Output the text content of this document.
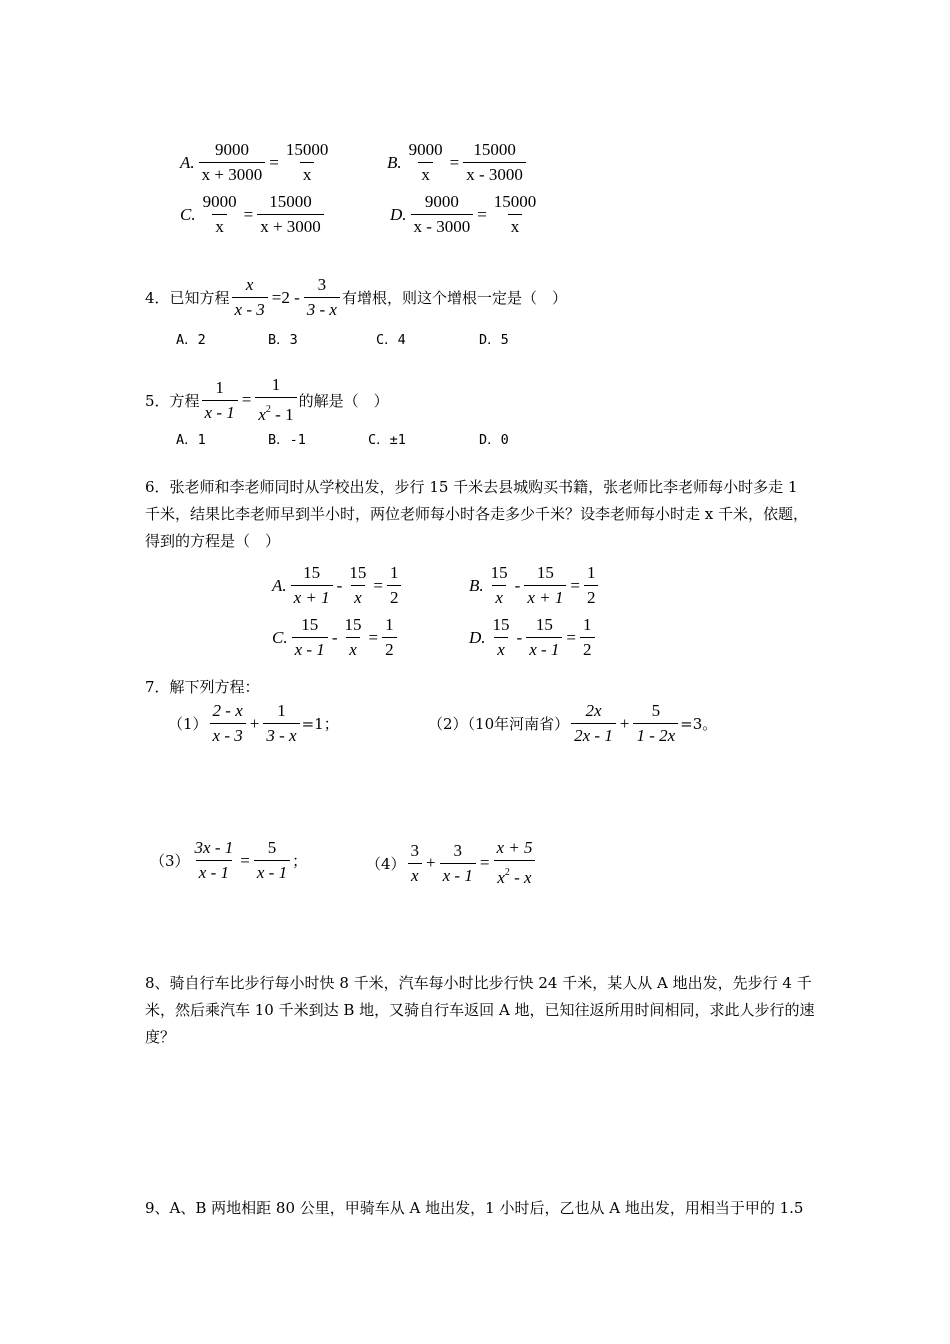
A. $\frac{9000}{x + 3000} = \frac{15000}{x}$	B. $\frac{9000}{x} = \frac{15000}{x - 3000}$
C. $\frac{9000}{x} = \frac{15000}{x + 3000}$	D. $\frac{9000}{x - 3000} = \frac{15000}{x}$
4．已知方程 $\frac{x}{x - 3} =2 - \frac{3}{3 - x}$ 有增根，则这个增根一定是（　）
A．2	B．3	C．4	D．5
5．方程 $\frac{1}{x - 1} = \frac{1}{x^2 - 1}$ 的解是（　）
A．1	B．-1	C．±1	D．0
6．张老师和李老师同时从学校出发，步行 15 千米去县城购买书籍，张老师比李老师每小时多走 1 千米，结果比李老师早到半小时，两位老师每小时各走多少千米？设李老师每小时走 x 千米，依题，得到的方程是（　）
A. $\frac{15}{x + 1} - \frac{15}{x} = \frac{1}{2}$	B. $\frac{15}{x} - \frac{15}{x + 1} = \frac{1}{2}$
C. $\frac{15}{x - 1} - \frac{15}{x} = \frac{1}{2}$	D. $\frac{15}{x} - \frac{15}{x - 1} = \frac{1}{2}$
7．解下列方程：
$(1) \frac{2 - x}{x - 3} + \frac{1}{3 - x} =1$；	（2）（10年河南省） $\frac{2x}{2x - 1} + \frac{5}{1 - 2x} =3$。
$(3) \frac{3x - 1}{x - 1} = \frac{5}{x - 1}$ ；	$(4) \frac{3}{x} + \frac{3}{x - 1} = \frac{x + 5}{x^2 - x}$
8、骑自行车比步行每小时快 8 千米，汽车每小时比步行快 24 千米，某人从 A 地出发，先步行 4 千米，然后乘汽车 10 千米到达 B 地，又骑自行车返回 A 地，已知往返所用时间相同，求此人步行的速度？
9、A、B 两地相距 80 公里，甲骑车从 A 地出发，1 小时后，乙也从 A 地出发，用相当于甲的 1.5
